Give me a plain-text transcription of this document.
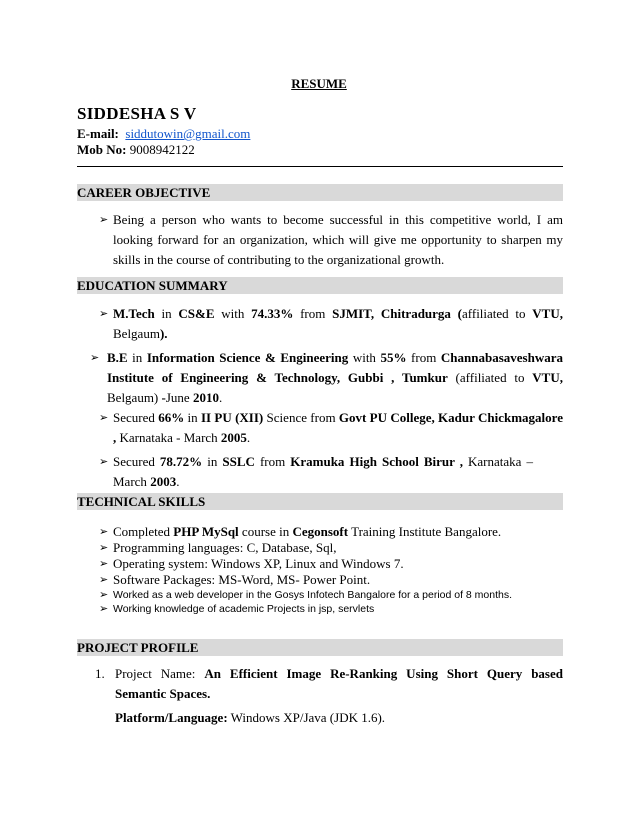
RESUME
SIDDESHA S V
E-mail: siddutowin@gmail.com
Mob No: 9008942122
CAREER OBJECTIVE
➢ Being a person who wants to become successful in this competitive world, I am looking forward for an organization, which will give me opportunity to sharpen my skills in the course of contributing to the organizational growth.
EDUCATION SUMMARY
➢ M.Tech in CS&E with 74.33% from SJMIT, Chitradurga (affiliated to VTU,
Belgaum).
➢ B.E in Information Science & Engineering with 55% from Channabasaveshwara Institute of Engineering & Technology, Gubbi , Tumkur (affiliated to VTU, Belgaum) -June 2010.
➢ Secured 66% in II PU (XII) Science from Govt PU College, Kadur Chickmagalore , Karnataka - March 2005.
➢ Secured 78.72% in SSLC from Kramuka High School Birur , Karnataka – March 2003.
TECHNICAL SKILLS
➢ Completed PHP MySql course in Cegonsoft Training Institute Bangalore.
➢ Programming languages: C, Database, Sql,
➢ Operating system: Windows XP, Linux and Windows 7.
➢ Software Packages: MS-Word, MS- Power Point.
➢ Worked as a web developer in the Gosys Infotech Bangalore for a period of 8 months.
➢ Working knowledge of academic Projects in jsp, servlets
PROJECT PROFILE
1. Project Name: An Efficient Image Re-Ranking Using Short Query based Semantic Spaces.
Platform/Language: Windows XP/Java (JDK 1.6).
